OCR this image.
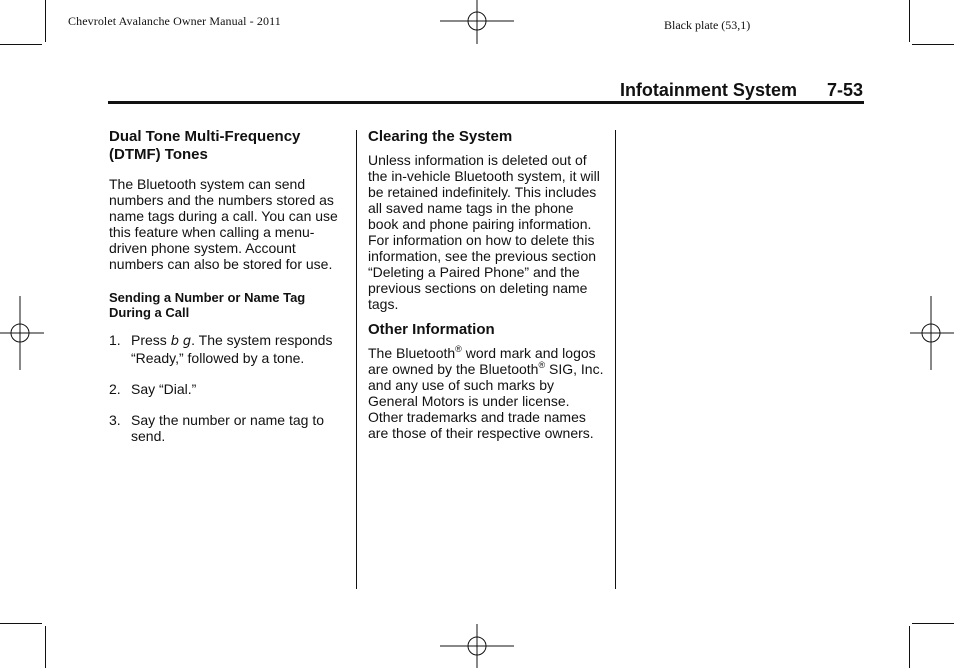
Chevrolet Avalanche Owner Manual - 2011	Black plate (53,1)
Infotainment System 7-53
Dual Tone Multi-Frequency (DTMF) Tones

The Bluetooth system can send numbers and the numbers stored as name tags during a call. You can use this feature when calling a menu-driven phone system. Account numbers can also be stored for use.

Sending a Number or Name Tag During a Call
1. Press b g. The system responds “Ready,” followed by a tone.
2. Say “Dial.”
3. Say the number or name tag to send.
Clearing the System

Unless information is deleted out of the in-vehicle Bluetooth system, it will be retained indefinitely. This includes all saved name tags in the phone book and phone pairing information. For information on how to delete this information, see the previous section “Deleting a Paired Phone” and the previous sections on deleting name tags.

Other Information

The Bluetooth® word mark and logos are owned by the Bluetooth® SIG, Inc. and any use of such marks by General Motors is under license. Other trademarks and trade names are those of their respective owners.
